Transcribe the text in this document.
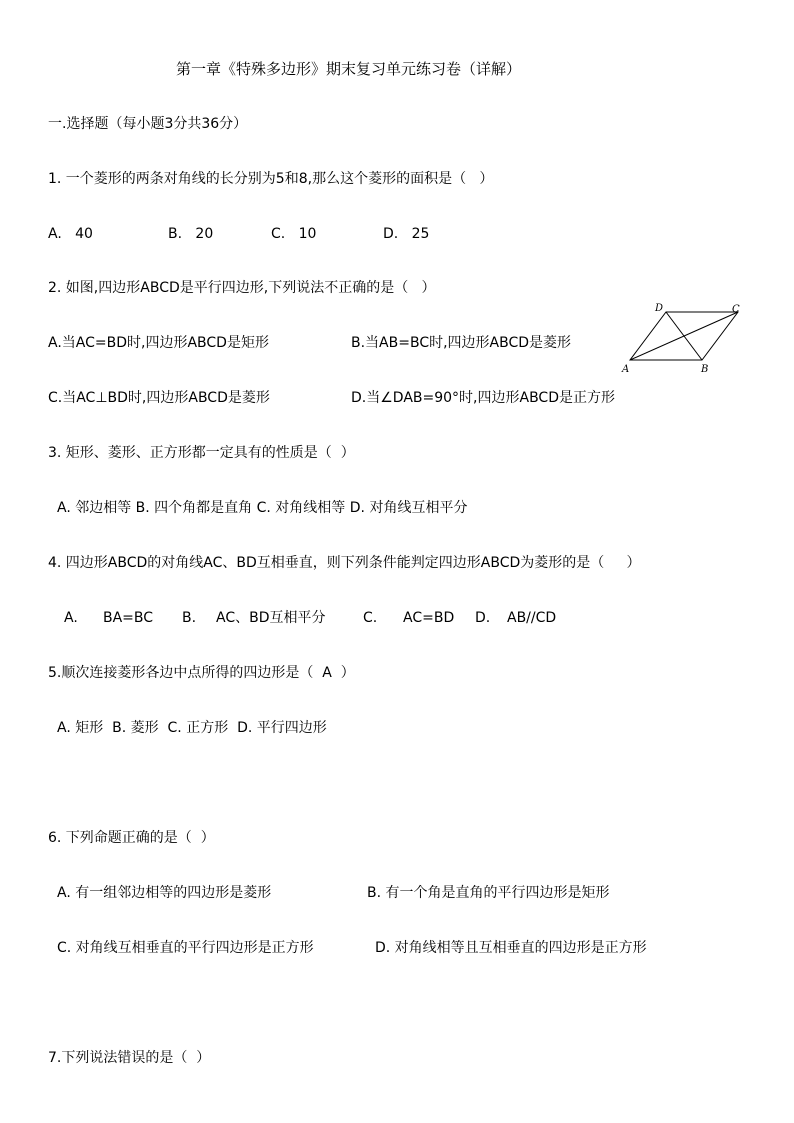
第一章《特殊多边形》期末复习单元练习卷（详解）
一.选择题（每小题3分共36分）
1. 一个菱形的两条对角线的长分别为5和8,那么这个菱形的面积是（   ）
A.   40	B.   20	C.   10	D.   25
2. 如图,四边形ABCD是平行四边形,下列说法不正确的是（   ）
A.当AC=BD时,四边形ABCD是矩形	B.当AB=BC时,四边形ABCD是菱形
C.当AC⊥BD时,四边形ABCD是菱形	D.当∠DAB=90°时,四边形ABCD是正方形
A	B
C
D
3. 矩形、菱形、正方形都一定具有的性质是（  ）
A. 邻边相等 B. 四个角都是直角 C. 对角线相等 D. 对角线互相平分
4. 四边形ABCD的对角线AC、BD互相垂直，则下列条件能判定四边形ABCD为菱形的是（     ）
A. BA=BC B. AC、BD互相平分	C. AC=BD D. AB//CD
5.顺次连接菱形各边中点所得的四边形是（  A  ）
A. 矩形  B. 菱形  C. 正方形  D. 平行四边形
6. 下列命题正确的是（  ）
A. 有一组邻边相等的四边形是菱形	B. 有一个角是直角的平行四边形是矩形
C. 对角线互相垂直的平行四边形是正方形	D. 对角线相等且互相垂直的四边形是正方形
7.下列说法错误的是（  ）
